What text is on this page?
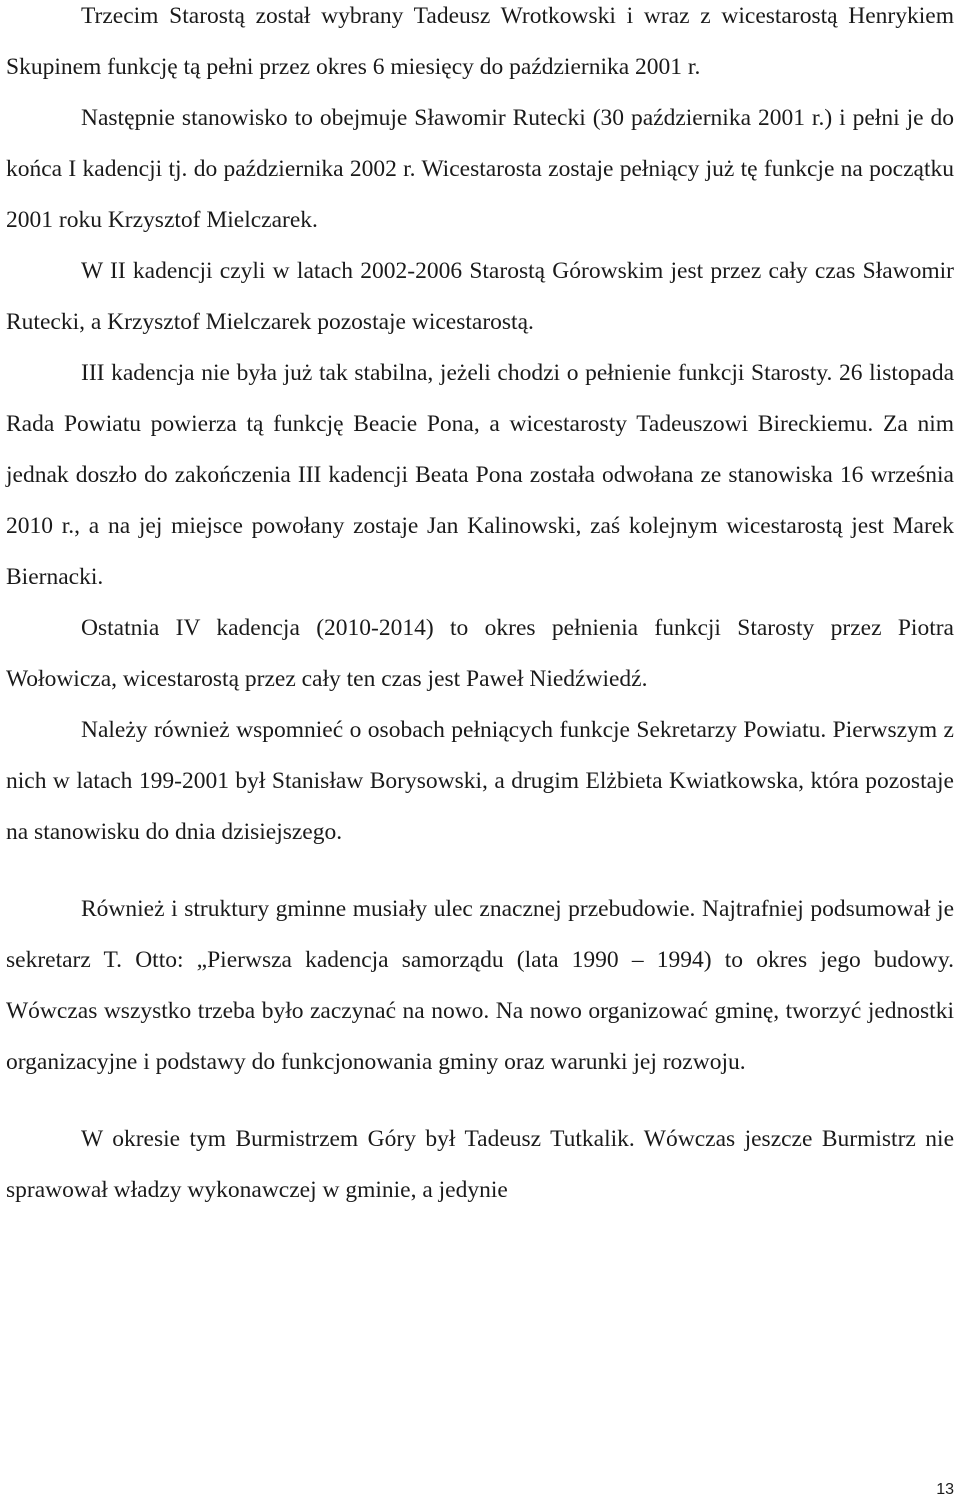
Trzecim Starostą został wybrany Tadeusz Wrotkowski i wraz z wicestarostą Henrykiem Skupinem funkcję tą pełni przez okres 6 miesięcy do października 2001 r.

Następnie stanowisko to obejmuje Sławomir Rutecki (30 października 2001 r.) i pełni je do końca I kadencji tj. do października 2002 r. Wicestarosta zostaje pełniący już tę funkcje na początku 2001 roku Krzysztof Mielczarek.

W II kadencji czyli w latach 2002-2006 Starostą Górowskim jest przez cały czas Sławomir Rutecki, a Krzysztof Mielczarek pozostaje wicestarostą.

III kadencja nie była już tak stabilna, jeżeli chodzi o pełnienie funkcji Starosty. 26 listopada Rada Powiatu powierza tą funkcję Beacie Pona, a wicestarosty Tadeuszowi Bireckiemu. Za nim jednak doszło do zakończenia III kadencji Beata Pona została odwołana ze stanowiska 16 września 2010 r., a na jej miejsce powołany zostaje Jan Kalinowski, zaś kolejnym wicestarostą jest Marek Biernacki.

Ostatnia IV kadencja (2010-2014) to okres pełnienia funkcji Starosty przez Piotra Wołowicza, wicestarostą przez cały ten czas jest Paweł Niedźwiedź.

Należy również wspomnieć o osobach pełniących funkcje Sekretarzy Powiatu. Pierwszym z nich w latach 199-2001 był Stanisław Borysowski, a drugim Elżbieta Kwiatkowska, która pozostaje na stanowisku do dnia dzisiejszego.

Również i struktury gminne musiały ulec znacznej przebudowie. Najtrafniej podsumował je sekretarz T. Otto: „Pierwsza kadencja samorządu (lata 1990 – 1994) to okres jego budowy. Wówczas wszystko trzeba było zaczynać na nowo. Na nowo organizować gminę, tworzyć jednostki organizacyjne i podstawy do funkcjonowania gminy oraz warunki jej rozwoju.

W okresie tym Burmistrzem Góry był Tadeusz Tutkalik. Wówczas jeszcze Burmistrz nie sprawował władzy wykonawczej w gminie, a jedynie

13
